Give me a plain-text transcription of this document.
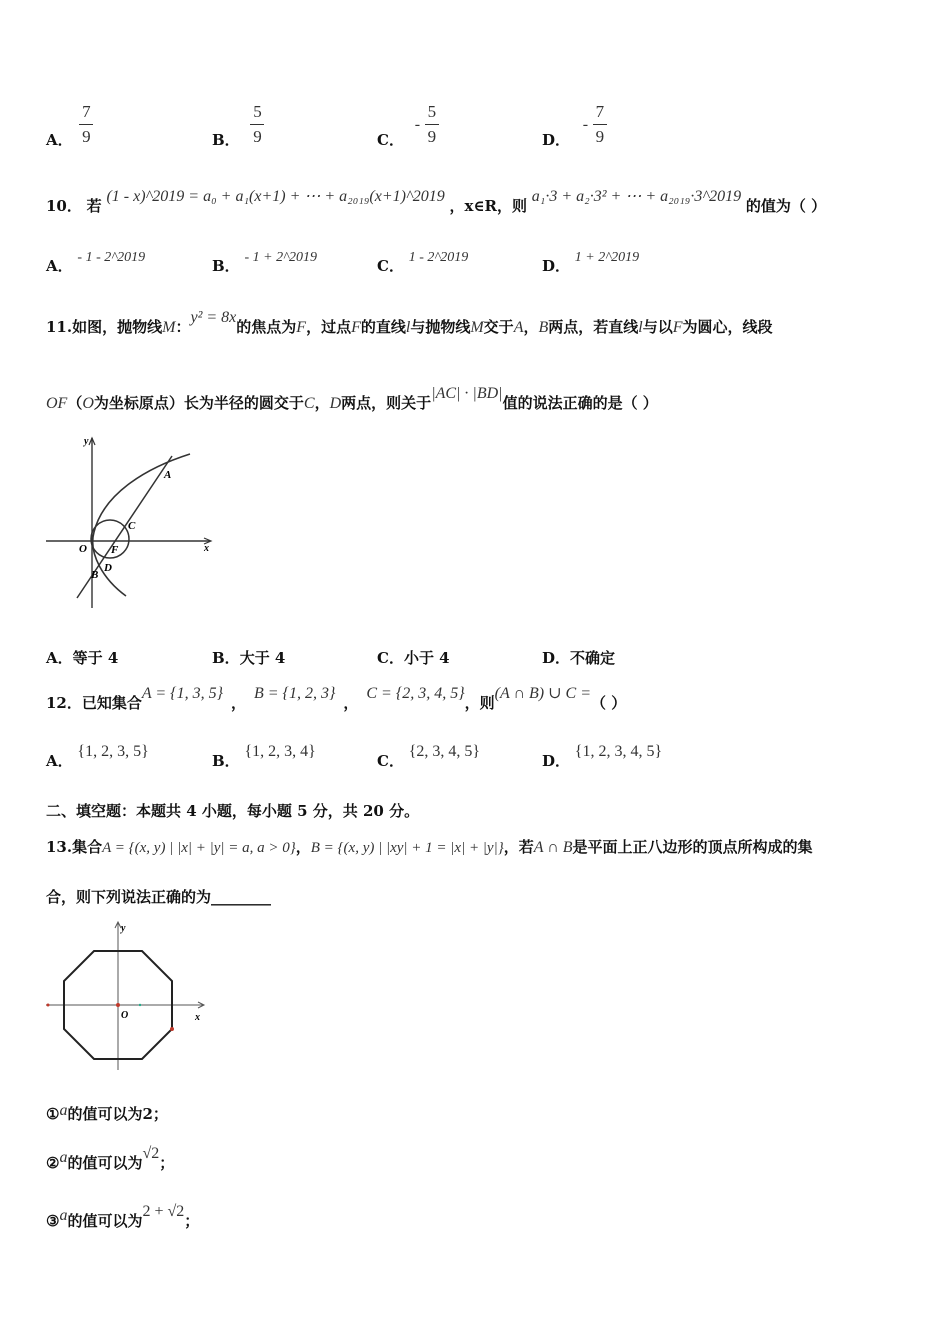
A． $\frac{7}{9}$	B． $\frac{5}{9}$	C． - $\frac{5}{9}$	D． - $\frac{7}{9}$
10． 若 (1 - x)^2019 = a₀ + a₁(x+1) + ⋯ + a₂₀₁₉(x+1)^2019 ，x∈R，则 a₁·3 + a₂·3² + ⋯ + a₂₀₁₉·3^2019 的值为（ ）
A． - 1 - 2^2019	B． - 1 + 2^2019	C． 1 - 2^2019	D． 1 + 2^2019
11.如图，抛物线M：y² = 8x的焦点为F，过点F的直线l与抛物线M交于A，B两点，若直线l与以F为圆心，线段
OF（O为坐标原点）长为半径的圆交于C，D两点，则关于|AC| · |BD|值的说法正确的是（ ）
y
x
O F
A
C
D
B
A．等于 4	B．大于 4	C．小于 4	D．不确定
12．已知集合A = {1, 3, 5}，B = {1, 2, 3}，C = {2, 3, 4, 5}，则(A ∩ B) ∪ C =（ ）
A． {1, 2, 3, 5}
B． {1, 2, 3, 4}
C． {2, 3, 4, 5}
D． {1, 2, 3, 4, 5}
二、填空题：本题共 4 小题，每小题 5 分，共 20 分。
13.集合A = {(x, y) | |x| + |y| = a, a > 0}，B = {(x, y) | |xy| + 1 = |x| + |y|}，若A ∩ B是平面上正八边形的顶点所构成的集
合，则下列说法正确的为________
y
x
O
①a的值可以为2；
②a的值可以为√2；
③a的值可以为2 + √2；
